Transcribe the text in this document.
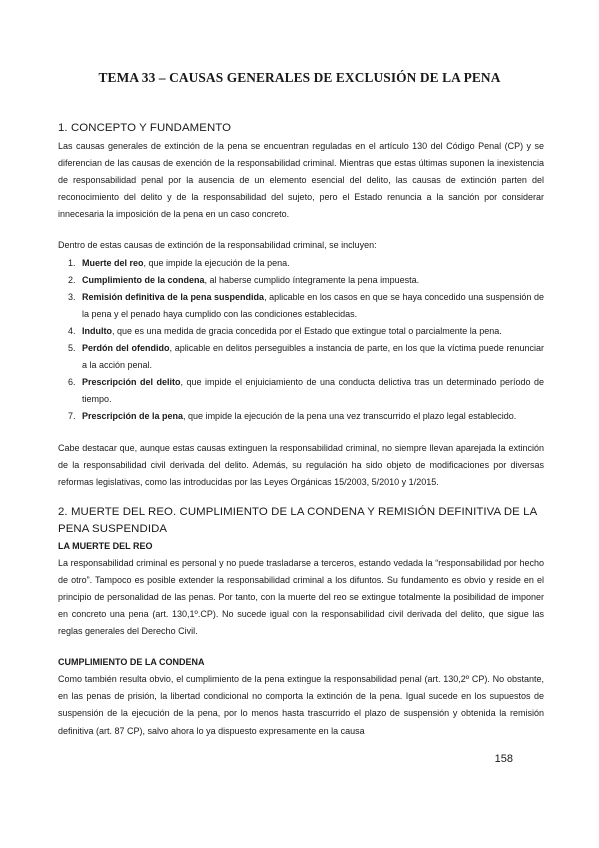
TEMA 33 – CAUSAS GENERALES DE EXCLUSIÓN DE LA PENA
1. CONCEPTO Y FUNDAMENTO

Las causas generales de extinción de la pena se encuentran reguladas en el artículo 130 del Código Penal (CP) y se diferencian de las causas de exención de la responsabilidad criminal. Mientras que estas últimas suponen la inexistencia de responsabilidad penal por la ausencia de un elemento esencial del delito, las causas de extinción parten del reconocimiento del delito y de la responsabilidad del sujeto, pero el Estado renuncia a la sanción por considerar innecesaria la imposición de la pena en un caso concreto.

Dentro de estas causas de extinción de la responsabilidad criminal, se incluyen:

1. Muerte del reo, que impide la ejecución de la pena.
2. Cumplimiento de la condena, al haberse cumplido íntegramente la pena impuesta.
3. Remisión definitiva de la pena suspendida, aplicable en los casos en que se haya concedido una suspensión de la pena y el penado haya cumplido con las condiciones establecidas.
4. Indulto, que es una medida de gracia concedida por el Estado que extingue total o parcialmente la pena.
5. Perdón del ofendido, aplicable en delitos perseguibles a instancia de parte, en los que la víctima puede renunciar a la acción penal.
6. Prescripción del delito, que impide el enjuiciamiento de una conducta delictiva tras un determinado período de tiempo.
7. Prescripción de la pena, que impide la ejecución de la pena una vez transcurrido el plazo legal establecido.

Cabe destacar que, aunque estas causas extinguen la responsabilidad criminal, no siempre llevan aparejada la extinción de la responsabilidad civil derivada del delito. Además, su regulación ha sido objeto de modificaciones por diversas reformas legislativas, como las introducidas por las Leyes Orgánicas 15/2003, 5/2010 y 1/2015.

2. MUERTE DEL REO. CUMPLIMIENTO DE LA CONDENA Y REMISIÓN DEFINITIVA DE LA PENA SUSPENDIDA
LA MUERTE DEL REO

La responsabilidad criminal es personal y no puede trasladarse a terceros, estando vedada la “responsabilidad por hecho de otro”. Tampoco es posible extender la responsabilidad criminal a los difuntos. Su fundamento es obvio y reside en el principio de personalidad de las penas. Por tanto, con la muerte del reo se extingue totalmente la posibilidad de imponer en concreto una pena (art. 130,1º.CP). No sucede igual con la responsabilidad civil derivada del delito, que sigue las reglas generales del Derecho Civil.

CUMPLIMIENTO DE LA CONDENA

Como también resulta obvio, el cumplimiento de la pena extingue la responsabilidad penal (art. 130,2º CP). No obstante, en las penas de prisión, la libertad condicional no comporta la extinción de la pena. Igual sucede en los supuestos de suspensión de la ejecución de la pena, por lo menos hasta trascurrido el plazo de suspensión y obtenida la remisión definitiva (art. 87 CP), salvo ahora lo ya dispuesto expresamente en la causa

158
